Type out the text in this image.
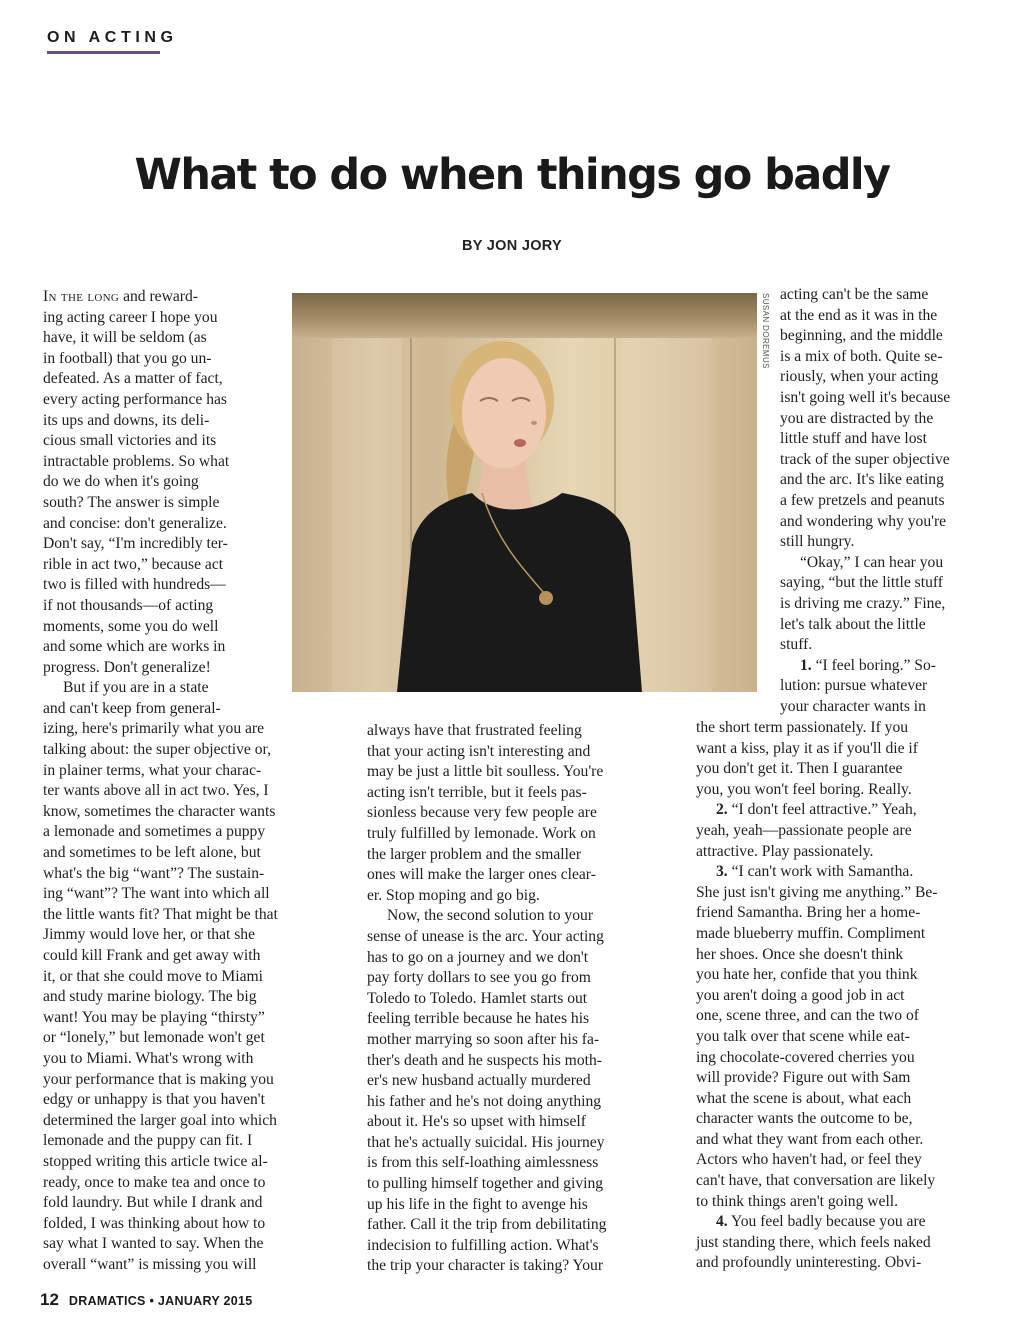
ON ACTING
What to do when things go badly
BY JON JORY
In the long and reward-
ing acting career I hope you
have, it will be seldom (as
in football) that you go un-
defeated. As a matter of fact,
every acting performance has
its ups and downs, its deli-
cious small victories and its
intractable problems. So what
do we do when it's going
south? The answer is simple
and concise: don't generalize.
Don't say, “I'm incredibly ter-
rible in act two,” because act
two is filled with hundreds—
if not thousands—of acting
moments, some you do well
and some which are works in
progress. Don't generalize!
But if you are in a state
and can't keep from general-
izing, here's primarily what you are
talking about: the super objective or,
in plainer terms, what your charac-
ter wants above all in act two. Yes, I
know, sometimes the character wants
a lemonade and sometimes a puppy
and sometimes to be left alone, but
what's the big “want”? The sustain-
ing “want”? The want into which all
the little wants fit? That might be that
Jimmy would love her, or that she
could kill Frank and get away with
it, or that she could move to Miami
and study marine biology. The big
want! You may be playing “thirsty”
or “lonely,” but lemonade won't get
you to Miami. What's wrong with
your performance that is making you
edgy or unhappy is that you haven't
determined the larger goal into which
lemonade and the puppy can fit. I
stopped writing this article twice al-
ready, once to make tea and once to
fold laundry. But while I drank and
folded, I was thinking about how to
say what I wanted to say. When the
overall “want” is missing you will
SUSAN DOREMUS
always have that frustrated feeling
that your acting isn't interesting and
may be just a little bit soulless. You're
acting isn't terrible, but it feels pas-
sionless because very few people are
truly fulfilled by lemonade. Work on
the larger problem and the smaller
ones will make the larger ones clear-
er. Stop moping and go big.
Now, the second solution to your
sense of unease is the arc. Your acting
has to go on a journey and we don't
pay forty dollars to see you go from
Toledo to Toledo. Hamlet starts out
feeling terrible because he hates his
mother marrying so soon after his fa-
ther's death and he suspects his moth-
er's new husband actually murdered
his father and he's not doing anything
about it. He's so upset with himself
that he's actually suicidal. His journey
is from this self-loathing aimlessness
to pulling himself together and giving
up his life in the fight to avenge his
father. Call it the trip from debilitating
indecision to fulfilling action. What's
the trip your character is taking? Your
acting can't be the same
at the end as it was in the
beginning, and the middle
is a mix of both. Quite se-
riously, when your acting
isn't going well it's because
you are distracted by the
little stuff and have lost
track of the super objective
and the arc. It's like eating
a few pretzels and peanuts
and wondering why you're
still hungry.
“Okay,” I can hear you
saying, “but the little stuff
is driving me crazy.” Fine,
let's talk about the little
stuff.
1. “I feel boring.” So-
lution: pursue whatever
your character wants in
the short term passionately. If you
want a kiss, play it as if you'll die if
you don't get it. Then I guarantee
you, you won't feel boring. Really.
2. “I don't feel attractive.” Yeah,
yeah, yeah—passionate people are
attractive. Play passionately.
3. “I can't work with Samantha.
She just isn't giving me anything.” Be-
friend Samantha. Bring her a home-
made blueberry muffin. Compliment
her shoes. Once she doesn't think
you hate her, confide that you think
you aren't doing a good job in act
one, scene three, and can the two of
you talk over that scene while eat-
ing chocolate-covered cherries you
will provide? Figure out with Sam
what the scene is about, what each
character wants the outcome to be,
and what they want from each other.
Actors who haven't had, or feel they
can't have, that conversation are likely
to think things aren't going well.
4. You feel badly because you are
just standing there, which feels naked
and profoundly uninteresting. Obvi-
12 DRAMATICS • JANUARY 2015
